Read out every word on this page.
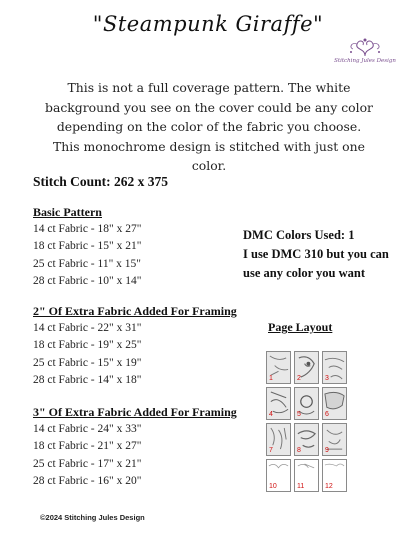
"Steampunk Giraffe"
Stitching Jules Design
This is not a full coverage pattern. The white background you see on the cover could be any color depending on the color of the fabric you choose. This monochrome design is stitched with just one color.
Stitch Count: 262 x 375
Basic Pattern
14 ct Fabric - 18" x 27"
18 ct Fabric - 15" x 21"
25 ct Fabric - 11" x 15"
28 ct Fabric - 10" x 14"
2" Of Extra Fabric Added For Framing
14 ct Fabric - 22" x 31"
18 ct Fabric - 19" x 25"
25 ct Fabric - 15" x 19"
28 ct Fabric - 14" x 18"
3" Of Extra Fabric Added For Framing
14 ct Fabric - 24" x 33"
18 ct Fabric - 21" x 27"
25 ct Fabric - 17" x 21"
28 ct Fabric - 16" x 20"
DMC Colors Used: 1
I use DMC 310 but you can
use any color you want
Page Layout
1	2	3
4	5	6
7	8	9
10	11	12
©2024 Stitching Jules Design
